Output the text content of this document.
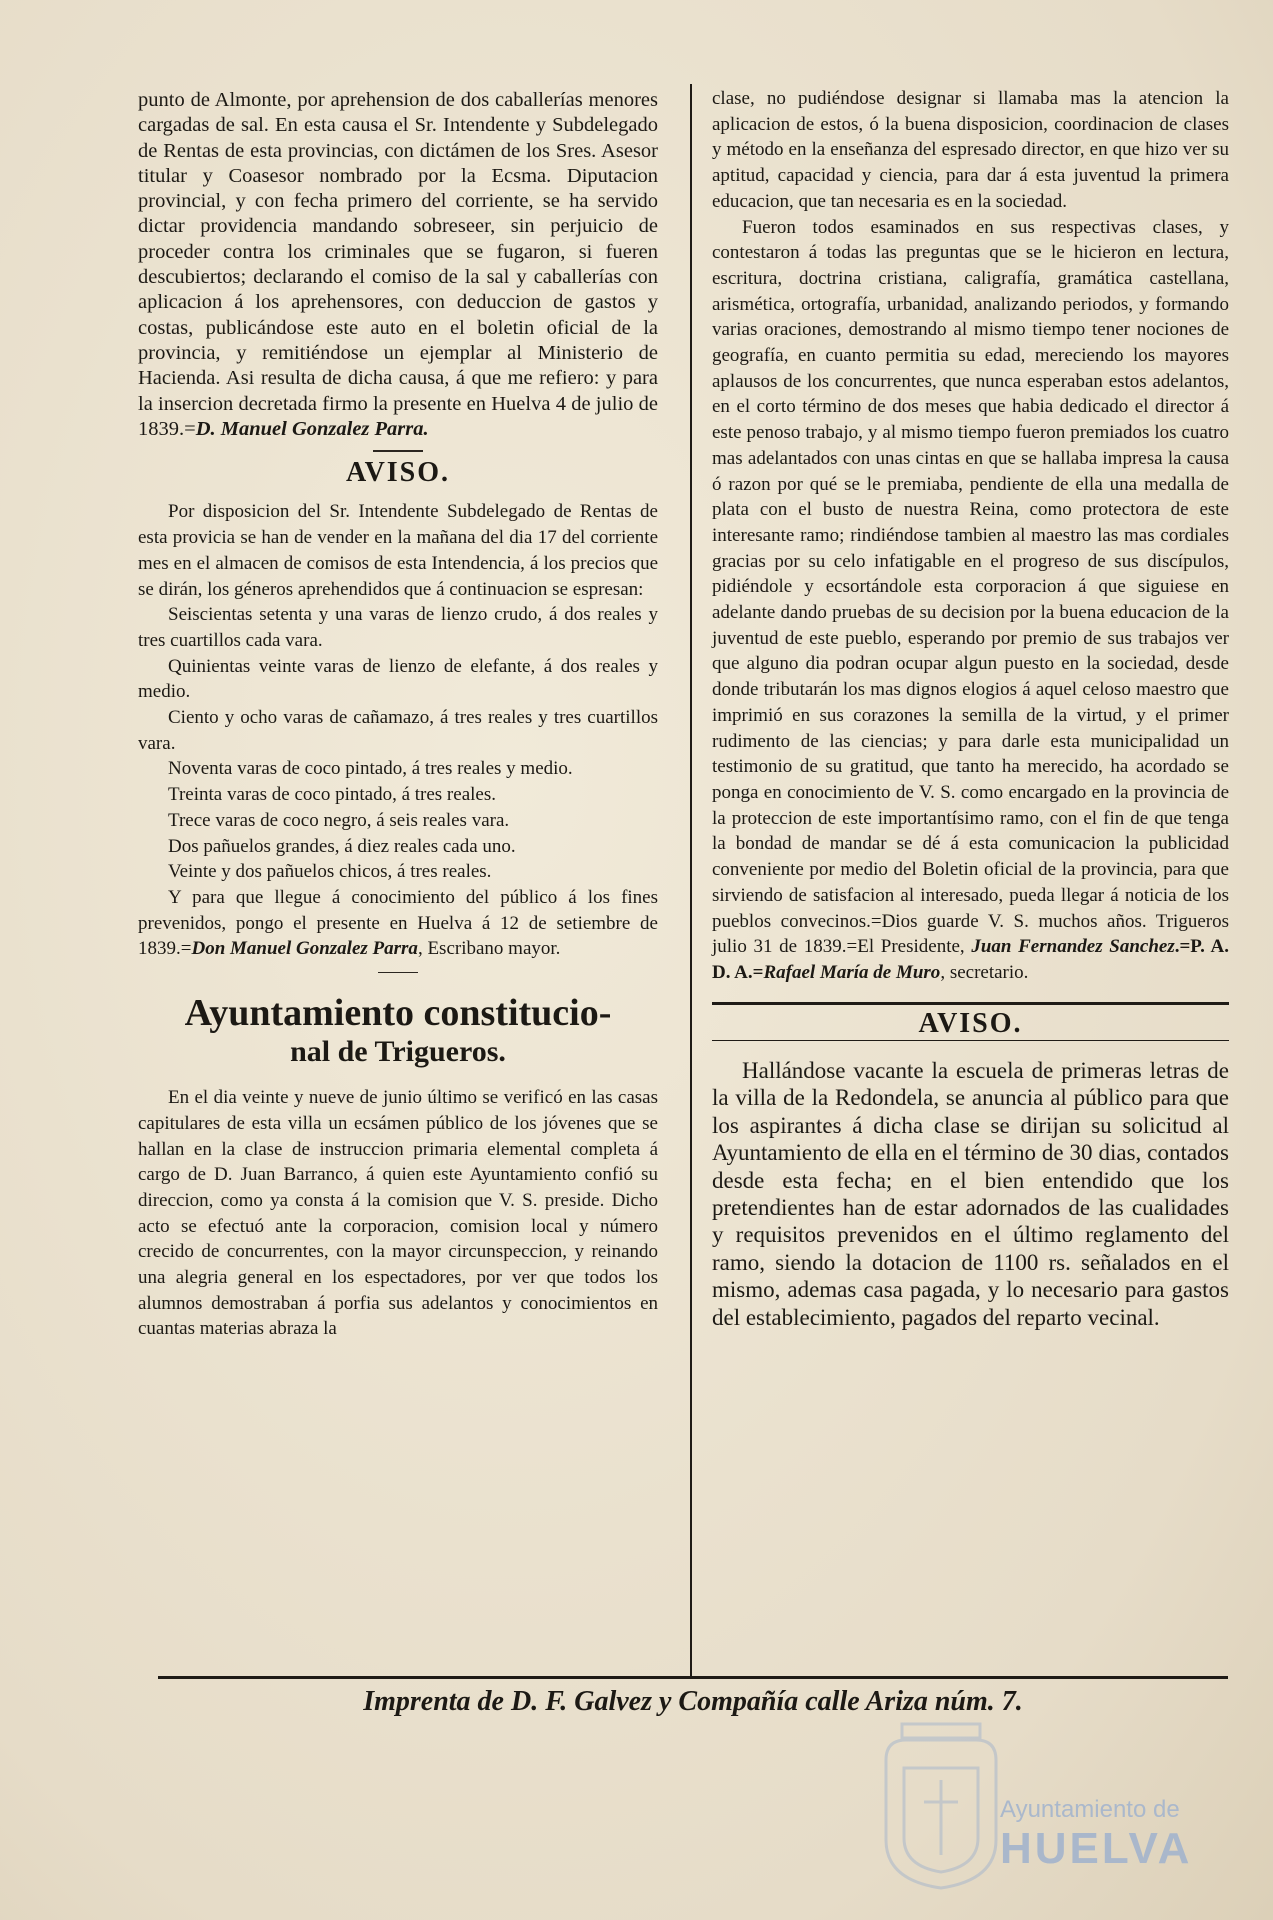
punto de Almonte, por aprehension de dos caballerías menores cargadas de sal. En esta causa el Sr. Intendente y Subdelegado de Rentas de esta provincias, con dictámen de los Sres. Asesor titular y Coasesor nombrado por la Ecsma. Diputacion provincial, y con fecha primero del corriente, se ha servido dictar providencia mandando sobreseer, sin perjuicio de proceder contra los criminales que se fugaron, si fueren descubiertos; declarando el comiso de la sal y caballerías con aplicacion á los aprehensores, con deduccion de gastos y costas, publicándose este auto en el boletin oficial de la provincia, y remitiéndose un ejemplar al Ministerio de Hacienda. Asi resulta de dicha causa, á que me refiero: y para la insercion decretada firmo la presente en Huelva 4 de julio de 1839.=D. Manuel Gonzalez Parra.

AVISO.

Por disposicion del Sr. Intendente Subdelegado de Rentas de esta provicia se han de vender en la mañana del dia 17 del corriente mes en el almacen de comisos de esta Intendencia, á los precios que se dirán, los géneros aprehendidos que á continuacion se espresan:

Seiscientas setenta y una varas de lienzo crudo, á dos reales y tres cuartillos cada vara.

Quinientas veinte varas de lienzo de elefante, á dos reales y medio.

Ciento y ocho varas de cañamazo, á tres reales y tres cuartillos vara.

Noventa varas de coco pintado, á tres reales y medio.

Treinta varas de coco pintado, á tres reales.

Trece varas de coco negro, á seis reales vara.

Dos pañuelos grandes, á diez reales cada uno.

Veinte y dos pañuelos chicos, á tres reales.

Y para que llegue á conocimiento del público á los fines prevenidos, pongo el presente en Huelva á 12 de setiembre de 1839.=Don Manuel Gonzalez Parra, Escribano mayor.

Ayuntamiento constitucio-
nal de Trigueros.

En el dia veinte y nueve de junio último se verificó en las casas capitulares de esta villa un ecsámen público de los jóvenes que se hallan en la clase de instruccion primaria elemental completa á cargo de D. Juan Barranco, á quien este Ayuntamiento confió su direccion, como ya consta á la comision que V. S. preside. Dicho acto se efectuó ante la corporacion, comision local y número crecido de concurrentes, con la mayor circunspeccion, y reinando una alegria general en los espectadores, por ver que todos los alumnos demostraban á porfia sus adelantos y conocimientos en cuantas materias abraza la

clase, no pudiéndose designar si llamaba mas la atencion la aplicacion de estos, ó la buena disposicion, coordinacion de clases y método en la enseñanza del espresado director, en que hizo ver su aptitud, capacidad y ciencia, para dar á esta juventud la primera educacion, que tan necesaria es en la sociedad.

Fueron todos esaminados en sus respectivas clases, y contestaron á todas las preguntas que se le hicieron en lectura, escritura, doctrina cristiana, caligrafía, gramática castellana, arismética, ortografía, urbanidad, analizando periodos, y formando varias oraciones, demostrando al mismo tiempo tener nociones de geografía, en cuanto permitia su edad, mereciendo los mayores aplausos de los concurrentes, que nunca esperaban estos adelantos, en el corto término de dos meses que habia dedicado el director á este penoso trabajo, y al mismo tiempo fueron premiados los cuatro mas adelantados con unas cintas en que se hallaba impresa la causa ó razon por qué se le premiaba, pendiente de ella una medalla de plata con el busto de nuestra Reina, como protectora de este interesante ramo; rindiéndose tambien al maestro las mas cordiales gracias por su celo infatigable en el progreso de sus discípulos, pidiéndole y ecsortándole esta corporacion á que siguiese en adelante dando pruebas de su decision por la buena educacion de la juventud de este pueblo, esperando por premio de sus trabajos ver que alguno dia podran ocupar algun puesto en la sociedad, desde donde tributarán los mas dignos elogios á aquel celoso maestro que imprimió en sus corazones la semilla de la virtud, y el primer rudimento de las ciencias; y para darle esta municipalidad un testimonio de su gratitud, que tanto ha merecido, ha acordado se ponga en conocimiento de V. S. como encargado en la provincia de la proteccion de este importantísimo ramo, con el fin de que tenga la bondad de mandar se dé á esta comunicacion la publicidad conveniente por medio del Boletin oficial de la provincia, para que sirviendo de satisfacion al interesado, pueda llegar á noticia de los pueblos convecinos.=Dios guarde V. S. muchos años. Trigueros julio 31 de 1839.=El Presidente, Juan Fernandez Sanchez.=P. A. D. A.=Rafael María de Muro, secretario.

AVISO.

Hallándose vacante la escuela de primeras letras de la villa de la Redondela, se anuncia al público para que los aspirantes á dicha clase se dirijan su solicitud al Ayuntamiento de ella en el término de 30 dias, contados desde esta fecha; en el bien entendido que los pretendientes han de estar adornados de las cualidades y requisitos prevenidos en el último reglamento del ramo, siendo la dotacion de 1100 rs. señalados en el mismo, ademas casa pagada, y lo necesario para gastos del establecimiento, pagados del reparto vecinal.

Imprenta de D. F. Galvez y Compañía calle Ariza núm. 7.
Ayuntamiento de
HUELVA
